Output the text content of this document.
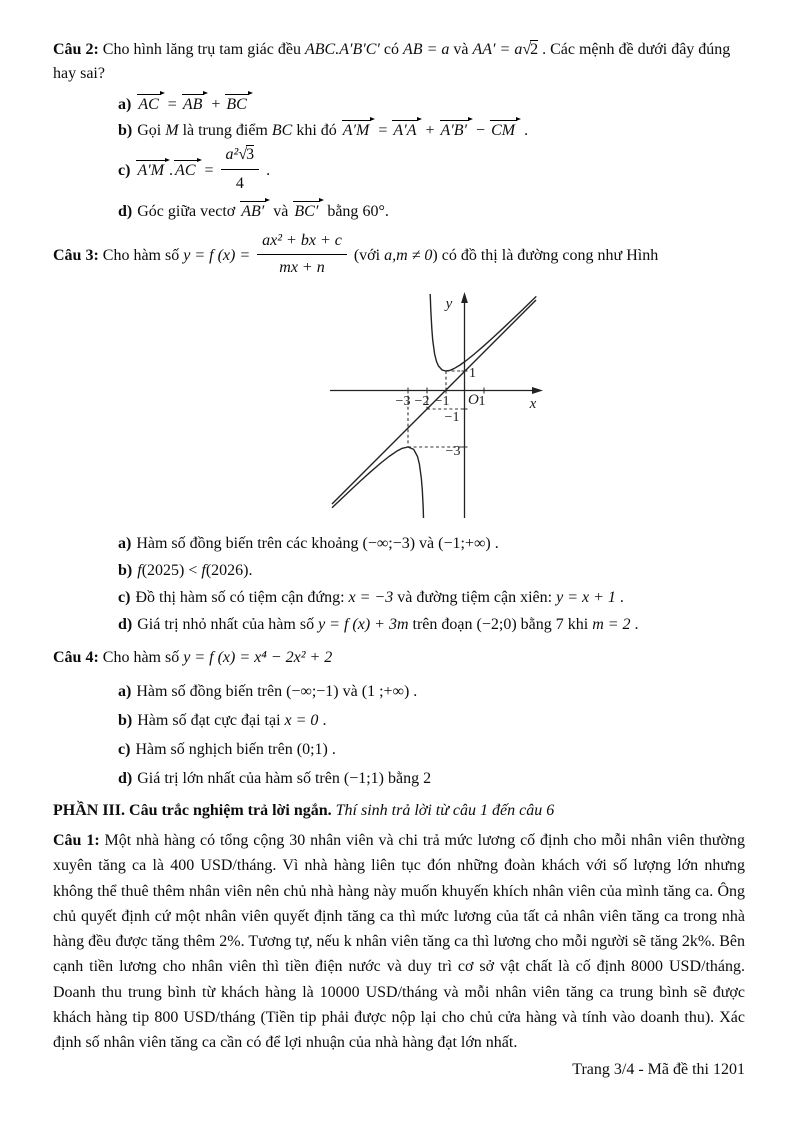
Câu 2: Cho hình lăng trụ tam giác đều ABC.A′B′C′ có AB = a và AA′ = a√2 . Các mệnh đề dưới đây đúng hay sai?
a) AC = AB + BC
b) Gọi M là trung điểm BC khi đó A′M = A′A + A′B′ − CM .
c) A′M . AC = $\frac{\text{a²√3}}{4}$ .
d) Góc giữa vectơ AB′ và BC′ bằng 60°.
Câu 3: Cho hàm số y = f $(x) = \frac{\text{ax² + bx + c}}{mx + n}$ (với a,m ≠ 0) có đồ thị là đường cong như Hình
y
x
O
−3 −2 −1 1
1
−1
−3
a) Hàm số đồng biến trên các khoảng (−∞;−3) và (−1;+∞) .
b) f(2025) < f(2026).
c) Đồ thị hàm số có tiệm cận đứng: x = −3 và đường tiệm cận xiên: y = x + 1 .
d) Giá trị nhỏ nhất của hàm số y = f (x) + 3m trên đoạn (−2;0) bằng 7 khi m = 2 .
Câu 4: Cho hàm số y = f (x) = x⁴ − 2x² + 2
a) Hàm số đồng biến trên (−∞;−1) và (1 ;+∞) .
b) Hàm số đạt cực đại tại x = 0 .
c) Hàm số nghịch biến trên (0;1) .
d) Giá trị lớn nhất của hàm số trên (−1;1) bằng 2

PHẦN III. Câu trắc nghiệm trả lời ngắn. Thí sinh trả lời từ câu 1 đến câu 6

Câu 1: Một nhà hàng có tổng cộng 30 nhân viên và chi trả mức lương cố định cho mỗi nhân viên thường xuyên tăng ca là 400 USD/tháng. Vì nhà hàng liên tục đón những đoàn khách với số lượng lớn nhưng không thể thuê thêm nhân viên nên chủ nhà hàng này muốn khuyến khích nhân viên của mình tăng ca. Ông chủ quyết định cứ một nhân viên quyết định tăng ca thì mức lương của tất cả nhân viên tăng ca trong nhà hàng đều được tăng thêm 2%. Tương tự, nếu k nhân viên tăng ca thì lương cho mỗi người sẽ tăng 2k%. Bên cạnh tiền lương cho nhân viên thì tiền điện nước và duy trì cơ sở vật chất là cố định 8000 USD/tháng. Doanh thu trung bình từ khách hàng là 10000 USD/tháng và mỗi nhân viên tăng ca trung bình sẽ được khách hàng tip 800 USD/tháng (Tiền tip phải được nộp lại cho chủ cửa hàng và tính vào doanh thu). Xác định số nhân viên tăng ca cần có để lợi nhuận của nhà hàng đạt lớn nhất.

Trang 3/4 - Mã đề thi 1201
